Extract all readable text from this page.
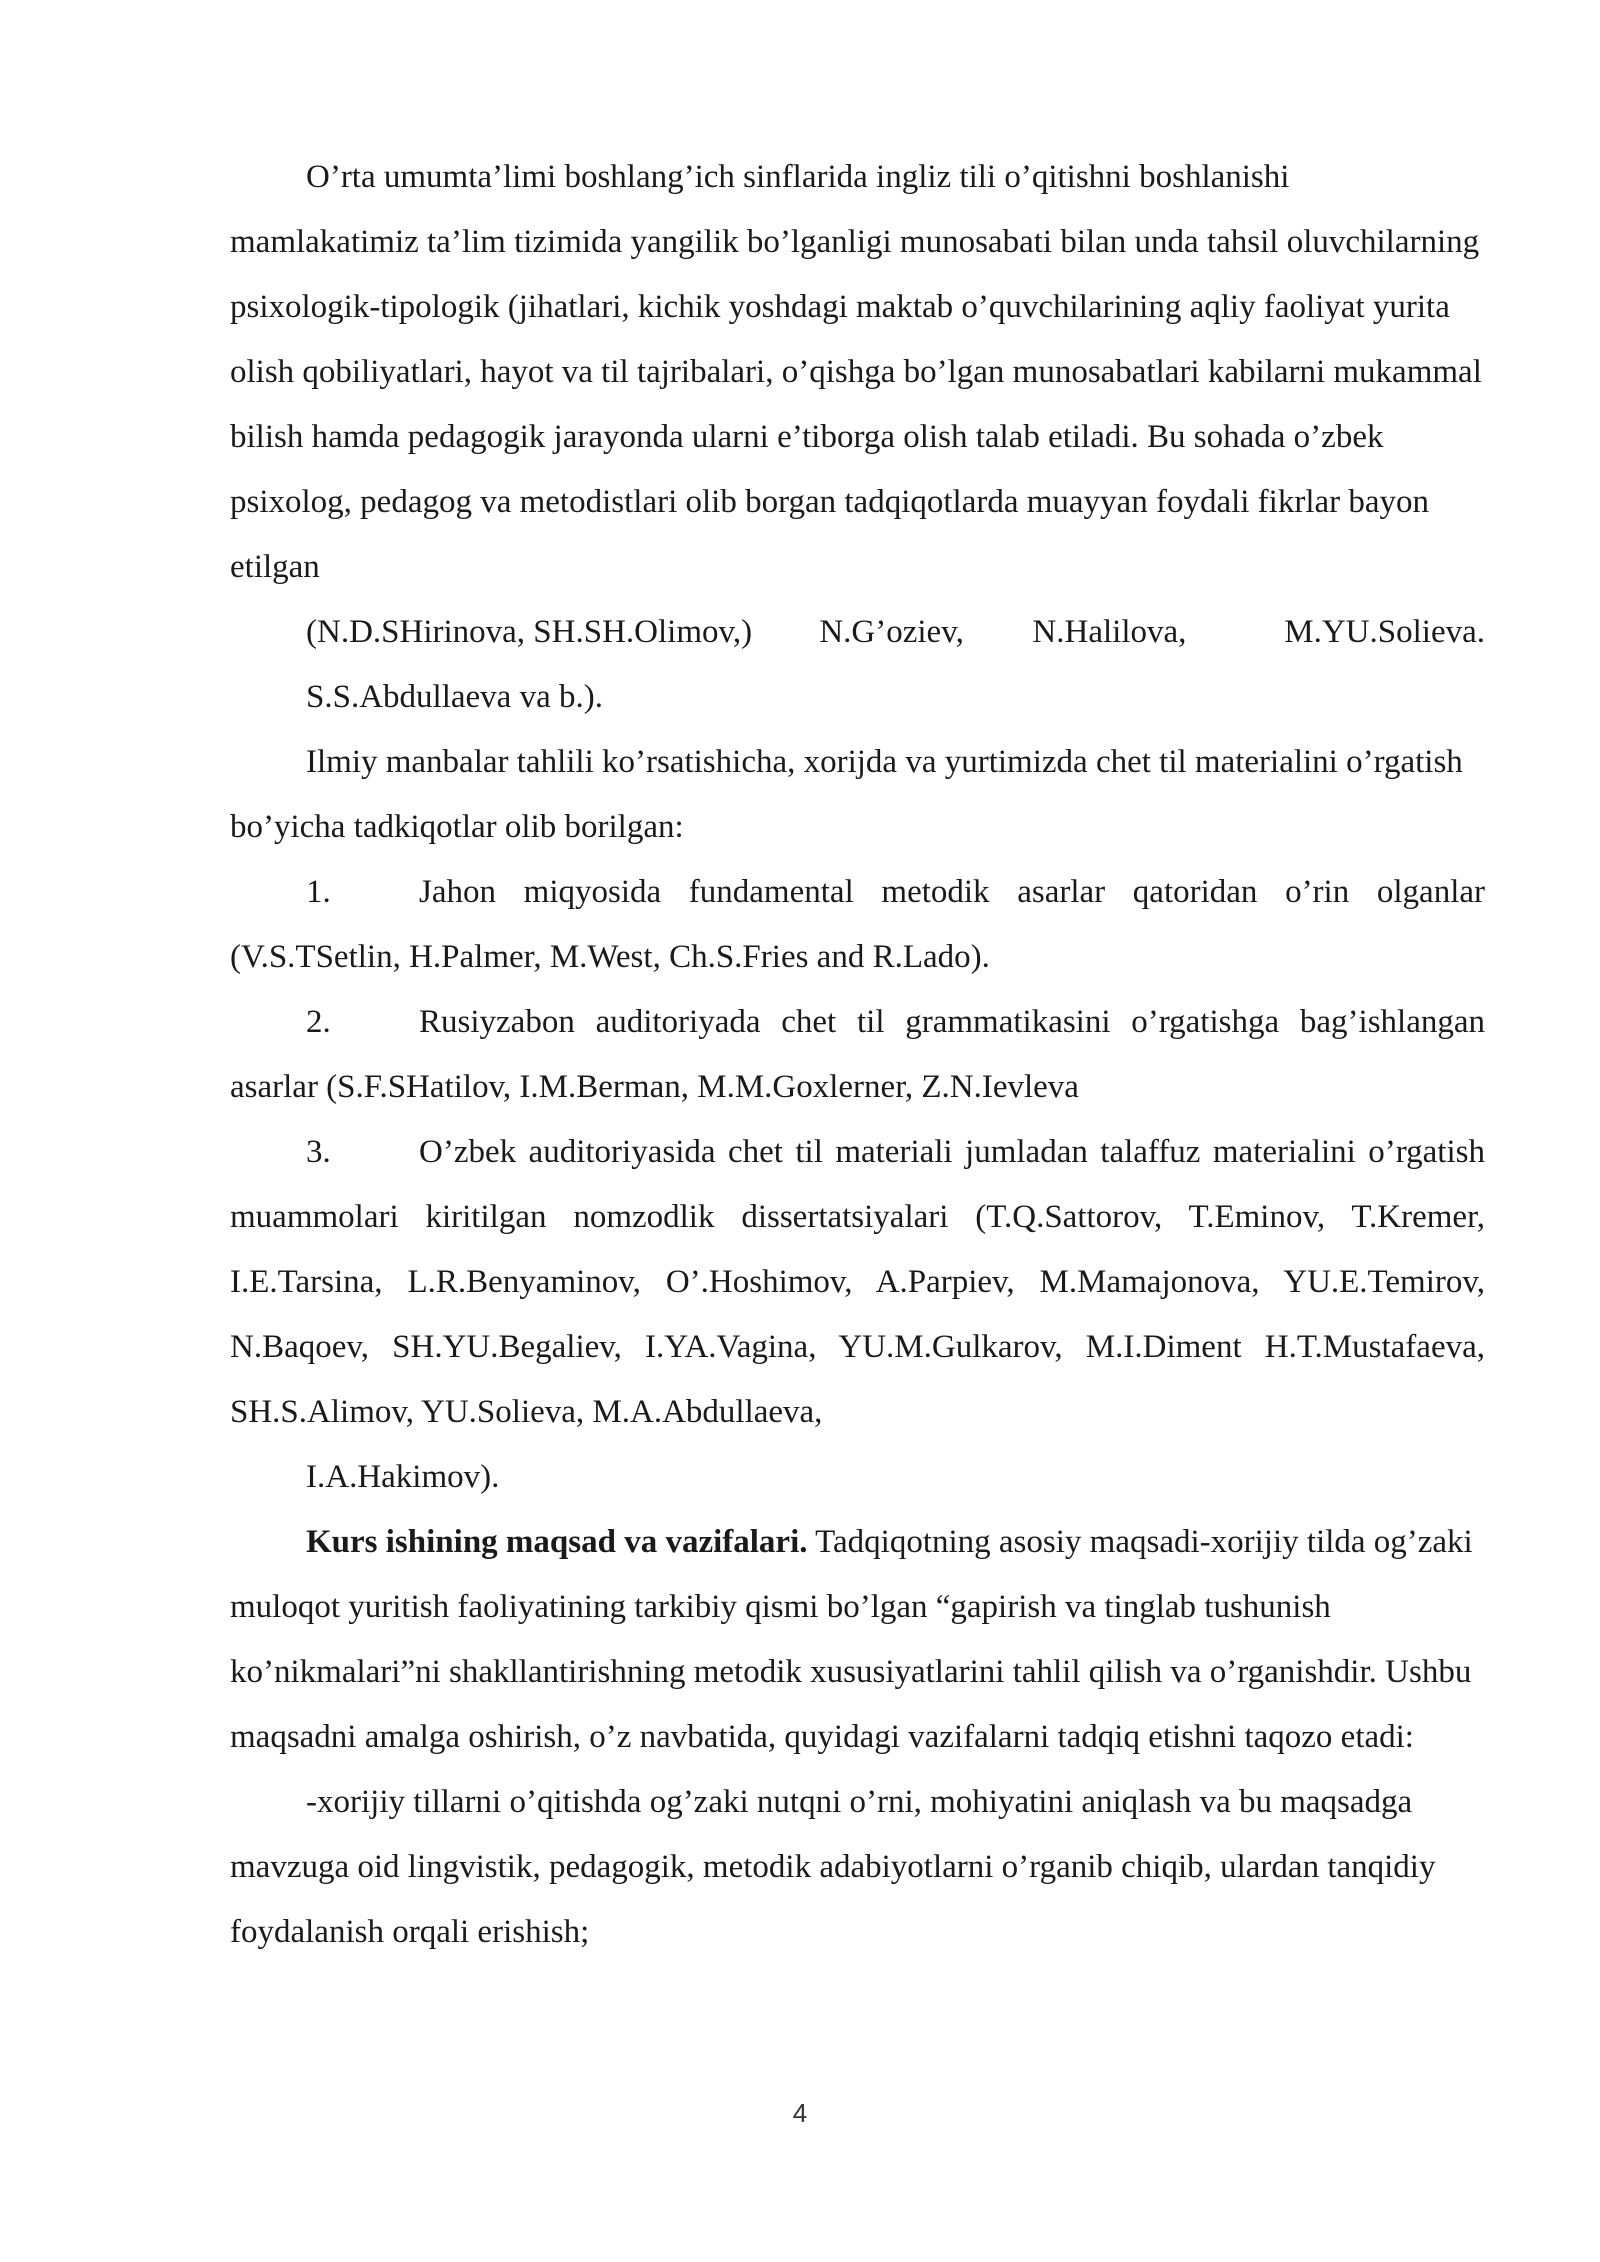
O’rta umumta’limi boshlang’ich sinflarida ingliz tili o’qitishni boshlanishi mamlakatimiz ta’lim tizimida yangilik bo’lganligi munosabati bilan unda tahsil oluvchilarning psixologik-tipologik (jihatlari, kichik yoshdagi maktab o’quvchilarining aqliy faoliyat yurita olish qobiliyatlari, hayot va til tajribalari, o’qishga bo’lgan munosabatlari kabilarni mukammal bilish hamda pedagogik jarayonda ularni e’tiborga olish talab etiladi. Bu sohada o’zbek psixolog, pedagog va metodistlari olib borgan tadqiqotlarda muayyan foydali fikrlar bayon etilgan

(N.D.SHirinova, SH.SH.Olimov,)	N.G’oziev,	N.Halilova,	M.YU.Solieva.

S.S.Abdullaeva va b.).

Ilmiy manbalar tahlili ko’rsatishicha, xorijda va yurtimizda chet til materialini o’rgatish bo’yicha tadkiqotlar olib borilgan:

1.	Jahon miqyosida fundamental metodik asarlar qatoridan o’rin olganlar (V.S.TSetlin, H.Palmer, M.West, Ch.S.Fries and R.Lado).

2.	Rusiyzabon auditoriyada chet til grammatikasini o’rgatishga bag’ishlangan asarlar (S.F.SHatilov, I.M.Berman, M.M.Goxlerner, Z.N.Ievleva

3.	O’zbek auditoriyasida chet til materiali jumladan talaffuz materialini o’rgatish muammolari kiritilgan nomzodlik dissertatsiyalari (T.Q.Sattorov, T.Eminov, T.Kremer, I.E.Tarsina, L.R.Benyaminov, O’.Hoshimov, A.Parpiev, M.Mamajonova, YU.E.Temirov, N.Baqoev, SH.YU.Begaliev, I.YA.Vagina, YU.M.Gulkarov, M.I.Diment H.T.Mustafaeva, SH.S.Alimov, YU.Solieva, M.A.Abdullaeva,

I.A.Hakimov).

Kurs ishining maqsad va vazifalari. Tadqiqotning asosiy maqsadi-xorijiy tilda og’zaki muloqot yuritish faoliyatining tarkibiy qismi bo’lgan “gapirish va tinglab tushunish ko’nikmalari”ni shakllantirishning metodik xususiyatlarini tahlil qilish va o’rganishdir. Ushbu maqsadni amalga oshirish, o’z navbatida, quyidagi vazifalarni tadqiq etishni taqozo etadi:

-xorijiy tillarni o’qitishda og’zaki nutqni o’rni, mohiyatini aniqlash va bu maqsadga mavzuga oid lingvistik, pedagogik, metodik adabiyotlarni o’rganib chiqib, ulardan tanqidiy foydalanish orqali erishish;

4
